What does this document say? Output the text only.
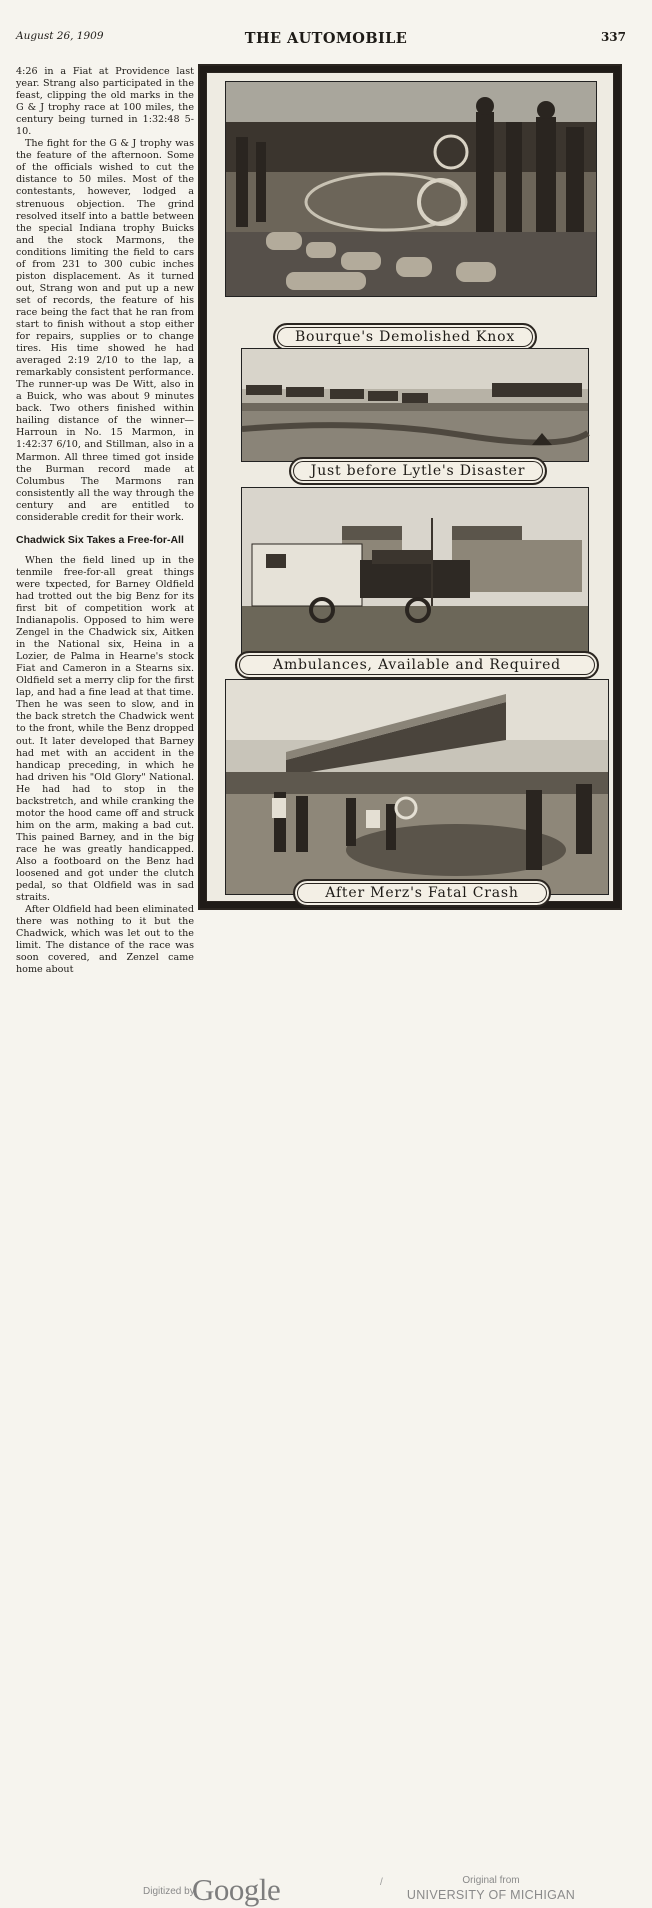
August 26, 1909	THE AUTOMOBILE	337

4:26 in a Fiat at Providence last year. Strang also participated in the feast, clipping the old marks in the G & J trophy race at 100 miles, the century being turned in 1:32:48 5-10.

The fight for the G & J trophy was the feature of the afternoon. Some of the officials wished to cut the distance to 50 miles. Most of the contestants, however, lodged a strenuous objection. The grind resolved itself into a battle between the special Indiana trophy Buicks and the stock Marmons, the conditions limiting the field to cars of from 231 to 300 cubic inches piston displacement. As it turned out, Strang won and put up a new set of records, the feature of his race being the fact that he ran from start to finish without a stop either for repairs, supplies or to change tires. His time showed he had averaged 2:19 2/10 to the lap, a remarkably consistent performance. The runner-up was De Witt, also in a Buick, who was about 9 minutes back. Two others finished within hailing distance of the winner—Harroun in No. 15 Marmon, in 1:42:37 6/10, and Stillman, also in a Marmon. All three timed got inside the Burman record made at Columbus The Marmons ran consistently all the way through the century and are entitled to considerable credit for their work.

Chadwick Six Takes a Free-for-All

When the field lined up in the tenmile free-for-all great things were txpected, for Barney Oldfield had trotted out the big Benz for its first bit of competition work at Indianapolis. Opposed to him were Zengel in the Chadwick six, Aitken in the National six, Heina in a Lozier, de Palma in Hearne's stock Fiat and Cameron in a Stearns six. Oldfield set a merry clip for the first lap, and had a fine lead at that time. Then he was seen to slow, and in the back stretch the Chadwick went to the front, while the Benz dropped out. It later developed that Barney had met with an accident in the handicap preceding, in which he had driven his "Old Glory" National. He had had to stop in the backstretch, and while cranking the motor the hood came off and struck him on the arm, making a bad cut. This pained Barney, and in the big race he was greatly handicapped. Also a footboard on the Benz had loosened and got under the clutch pedal, so that Oldfield was in sad straits.

After Oldfield had been eliminated there was nothing to it but the Chadwick, which was let out to the limit. The distance of the race was soon covered, and Zenzel came home about

Bourque's Demolished Knox
Just before Lytle's Disaster
Ambulances, Available and Required
After Merz's Fatal Crash
Digitized by
Google	/	Original from
UNIVERSITY OF MICHIGAN
